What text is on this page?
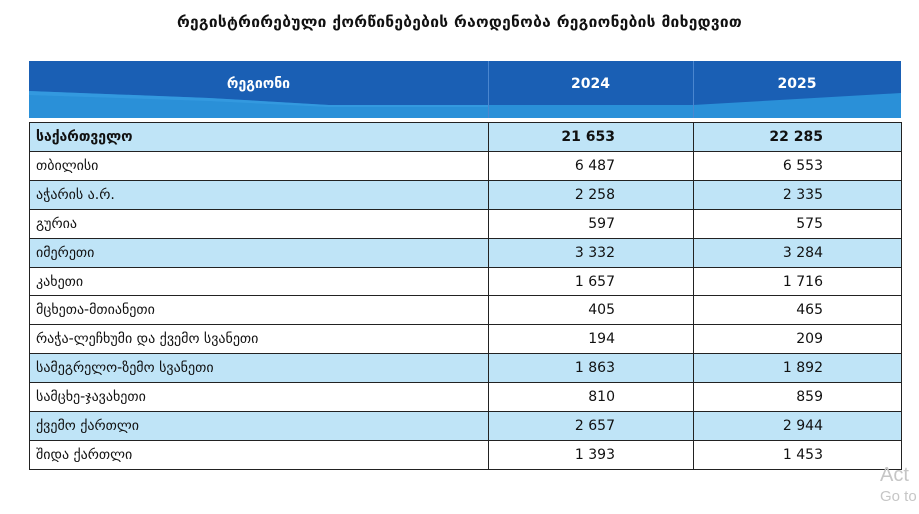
რეგისტრირებული ქორწინებების რაოდენობა რეგიონების მიხედვით
რეგიონი	2024	2025
საქართველო	21 653	22 285
თბილისი	6 487	6 553
აჭარის ა.რ.	2 258	2 335
გურია	597	575
იმერეთი	3 332	3 284
კახეთი	1 657	1 716
მცხეთა-მთიანეთი	405	465
რაჭა-ლეჩხუმი და ქვემო სვანეთი	194	209
სამეგრელო-ზემო სვანეთი	1 863	1 892
სამცხე-ჯავახეთი	810	859
ქვემო ქართლი	2 657	2 944
შიდა ქართლი	1 393	1 453
Act
Go to
